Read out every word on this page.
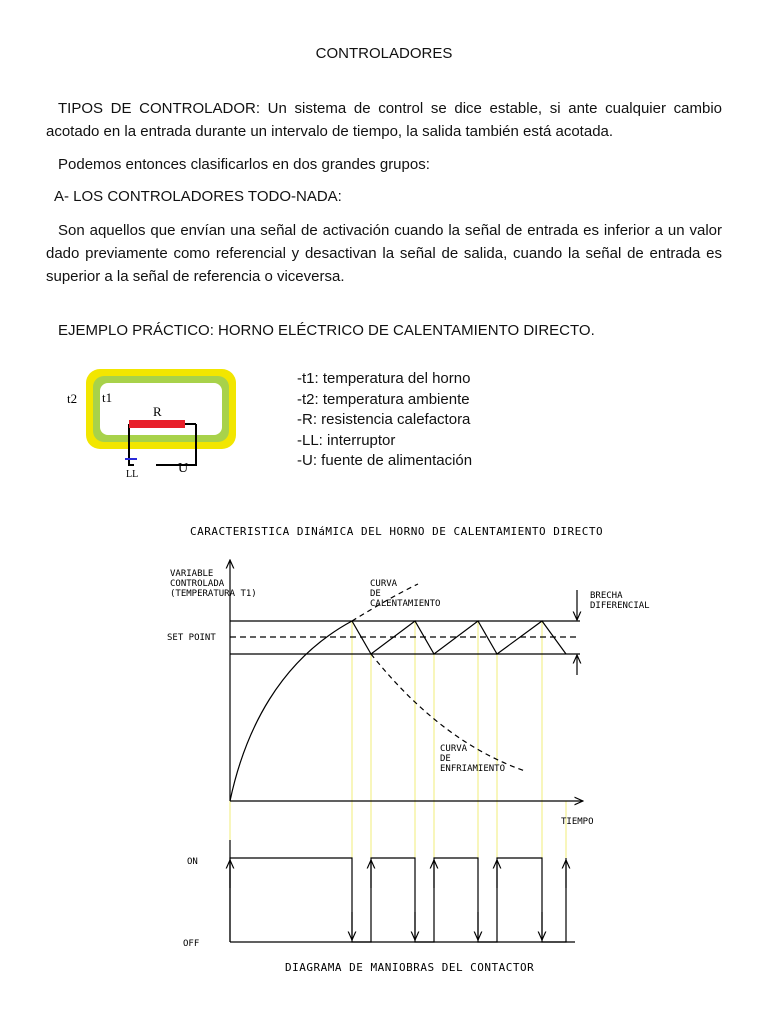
CONTROLADORES
TIPOS DE CONTROLADOR: Un sistema de control se dice estable, si ante cualquier cambio acotado en la entrada durante un intervalo de tiempo, la salida también está acotada.
Podemos entonces clasificarlos en dos grandes grupos:
A- LOS CONTROLADORES TODO-NADA:
Son aquellos que envían una señal de activación cuando la señal de entrada es inferior a un valor dado previamente como referencial y desactivan la señal de salida, cuando la señal de entrada es superior a la señal de referencia o viceversa.
EJEMPLO PRÁCTICO: HORNO ELÉCTRICO DE CALENTAMIENTO DIRECTO.
t2 t1
R
LL	U
-t1: temperatura del horno
-t2: temperatura ambiente
-R: resistencia calefactora
-LL: interruptor
-U: fuente de alimentación
CARACTERISTICA DINáMICA DEL HORNO DE CALENTAMIENTO DIRECTO
VARIABLE
CONTROLADA
(TEMPERATURA T1)
SET POINT
CURVA
DE
CALENTAMIENTO
CURVA
DE
ENFRIAMIENTO
BRECHA
DIFERENCIAL
TIEMPO
ON
OFF
DIAGRAMA DE MANIOBRAS DEL CONTACTOR
